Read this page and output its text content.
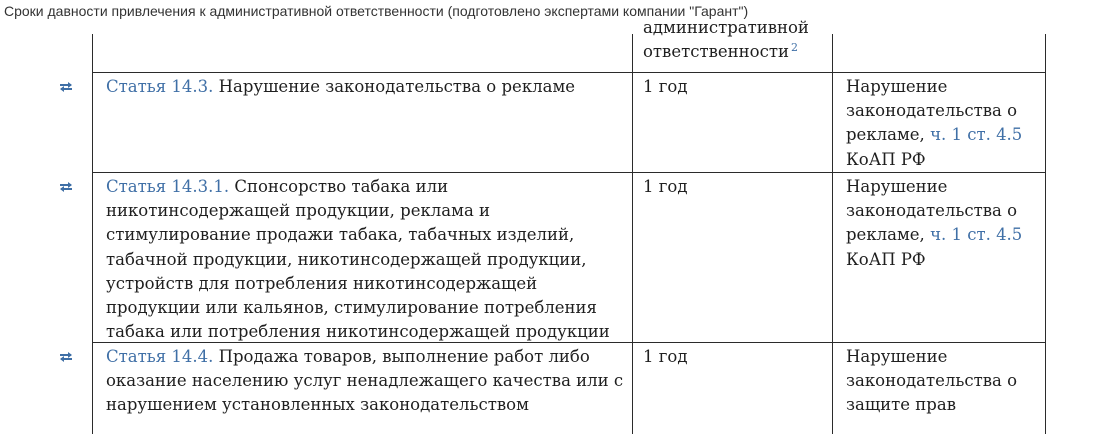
Сроки давности привлечения к административной ответственности (подготовлено экспертами компании "Гарант")
административной
ответственности $^2$
Статья 14.3. Нарушение законодательства о рекламе	1 год	Нарушение
законодательства о
рекламе, ч. 1 ст. 4.5
КоАП РФ
Статья 14.3.1. Спонсорство табака или
никотинсодержащей продукции, реклама и
стимулирование продажи табака, табачных изделий,
табачной продукции, никотинсодержащей продукции,
устройств для потребления никотинсодержащей
продукции или кальянов, стимулирование потребления
табака или потребления никотинсодержащей продукции
1 год	Нарушение
законодательства о
рекламе, ч. 1 ст. 4.5
КоАП РФ
Статья 14.4. Продажа товаров, выполнение работ либо
оказание населению услуг ненадлежащего качества или с
нарушением установленных законодательством
1 год	Нарушение
законодательства о
защите прав
